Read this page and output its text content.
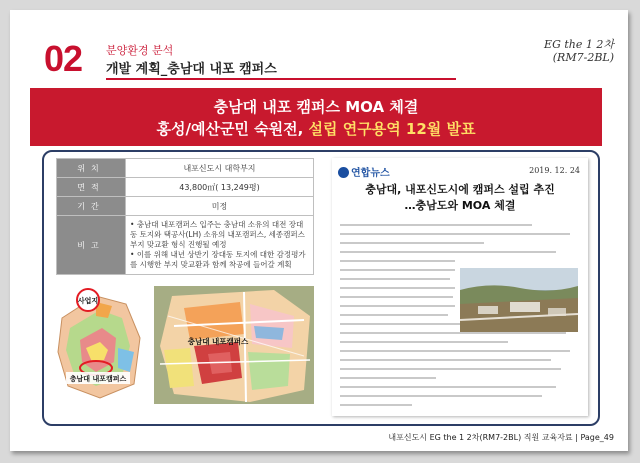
02 분양환경 분석
개발 계획_충남대 내포 캠퍼스
EG the 1 2차
(RM7-2BL)
충남대 내포 캠퍼스 MOA 체결
홍성/예산군민 숙원전, 설립 연구용역 12월 발표
위치	내포신도시 대학부지
면적	43,800㎡( 13,249평)
기간	미정
비고	• 충남대 내포캠퍼스 입주는 충남대 소유의 대전 장대동 토지와 택공사(LH) 소유의 내포캠퍼스, 세종캠퍼스 부지 맞교환 형식 진행될 예정
• 이를 위해 내년 상반기 장대동 토지에 대한 감정평가를 시행한 부지 맞교환과 함께 착공에 들어갈 계획
사업지
충남대 내포캠퍼스
충남대 내포캠퍼스
연합뉴스	2019. 12. 24
충남대, 내포신도시에 캠퍼스 설립 추진
…충남도와 MOA 체결
내포신도시 EG the 1 2차(RM7-2BL) 직원 교육자료 | Page_49
